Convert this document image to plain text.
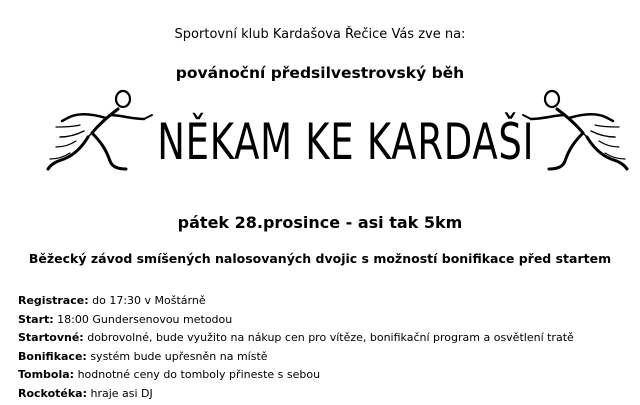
Sportovní klub Kardašova Řečice Vás zve na:
povánoční předsilvestrovský běh
NĚKAM KE KARDAŠI
pátek 28.prosince - asi tak 5km
Běžecký závod smíšených nalosovaných dvojic s možností bonifikace před startem
Registrace: do 17:30 v Moštárně
Start: 18:00 Gundersenovou metodou
Startovné: dobrovolné, bude využito na nákup cen pro vítěze, bonifikační program a osvětlení tratě
Bonifikace: systém bude upřesněn na místě
Tombola: hodnotné ceny do tomboly přineste s sebou
Rockotéka: hraje asi DJ
